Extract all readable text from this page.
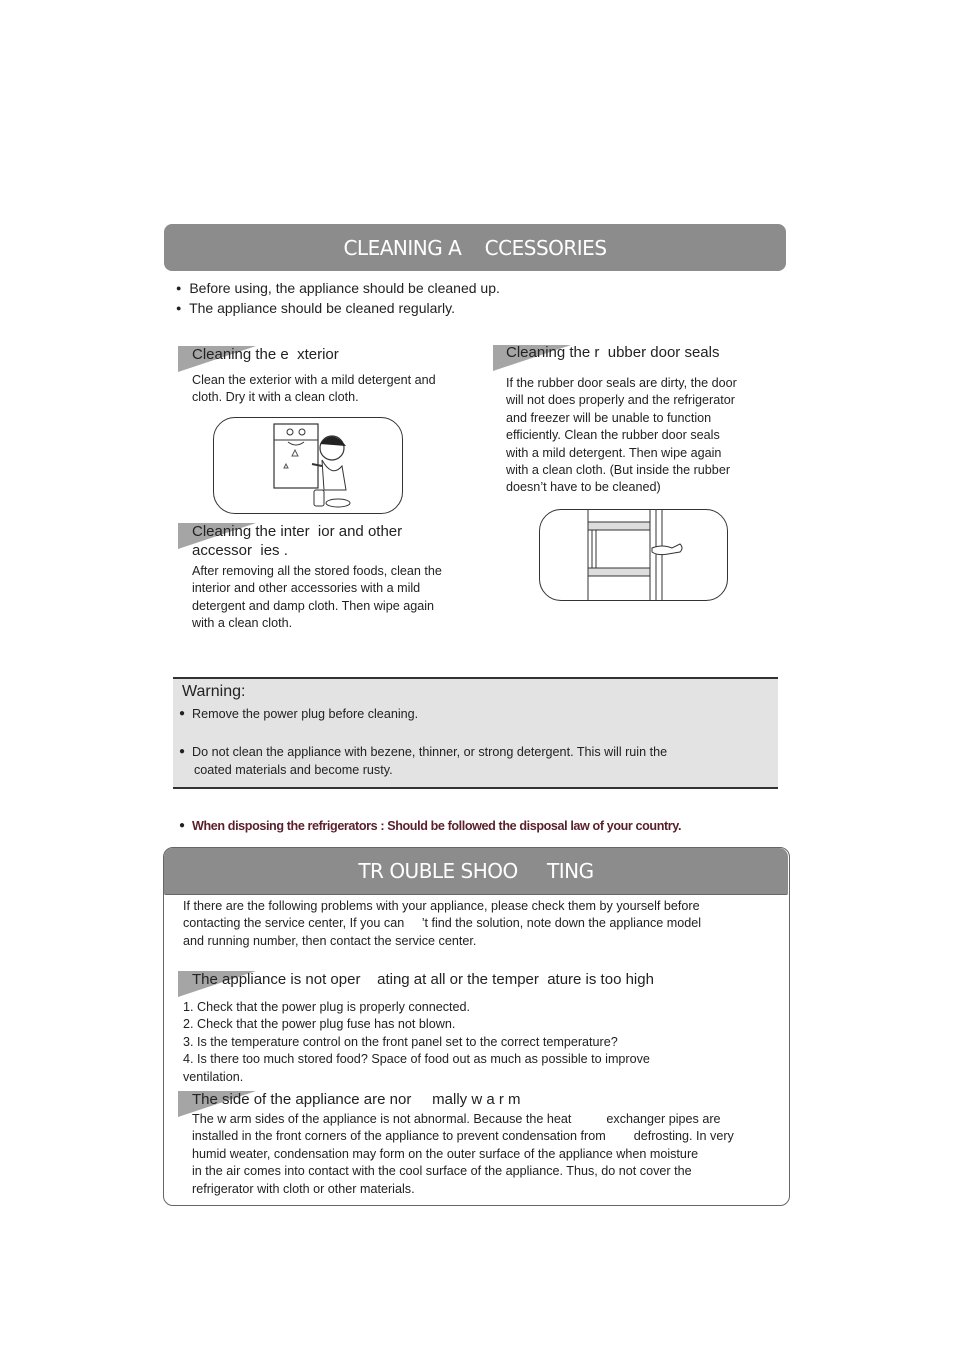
CLEANING A    CCESSORIES
● Before using, the appliance should be cleaned up.
● The appliance should be cleaned regularly.
Cleaning the e  xterior
Clean the exterior with a mild detergent and
cloth. Dry it with a clean cloth.
Cleaning the inter  ior and other
accessor  ies .
After removing all the stored foods, clean the
interior and other accessories with a mild
detergent and damp cloth. Then wipe again
with a clean cloth.
Cleaning the r  ubber door seals
If the rubber door seals are dirty, the door
will not does properly and the refrigerator
and freezer will be unable to function
efficiently. Clean the rubber door seals
with a mild detergent. Then wipe again
with a clean cloth. (But inside the rubber
doesn’t have to be cleaned)
Warning:
● Remove the power plug before cleaning.
● Do not clean the appliance with bezene, thinner, or strong detergent. This will ruin the
coated materials and become rusty.
● When disposing the refrigerators : Should be followed the disposal law of your country.
TR OUBLE SHOO     TING
If there are the following problems with your appliance, please check them by yourself before
contacting the service center, If you can     ’t find the solution, note down the appliance model
and running number, then contact the service center.
The appliance is not oper    ating at all or the temper  ature is too high
1. Check that the power plug is properly connected.
2. Check that the power plug fuse has not blown.
3. Is the temperature control on the front panel set to the correct temperature?
4. Is there too much stored food? Space of food out as much as possible to improve
ventilation.
The side of the appliance are nor     mally w a r m
The w arm sides of the appliance is not abnormal. Because the heat          exchanger pipes are
installed in the front corners of the appliance to prevent condensation from        defrosting. In very
humid weater, condensation may form on the outer surface of the appliance when moisture
in the air comes into contact with the cool surface of the appliance. Thus, do not cover the
refrigerator with cloth or other materials.
